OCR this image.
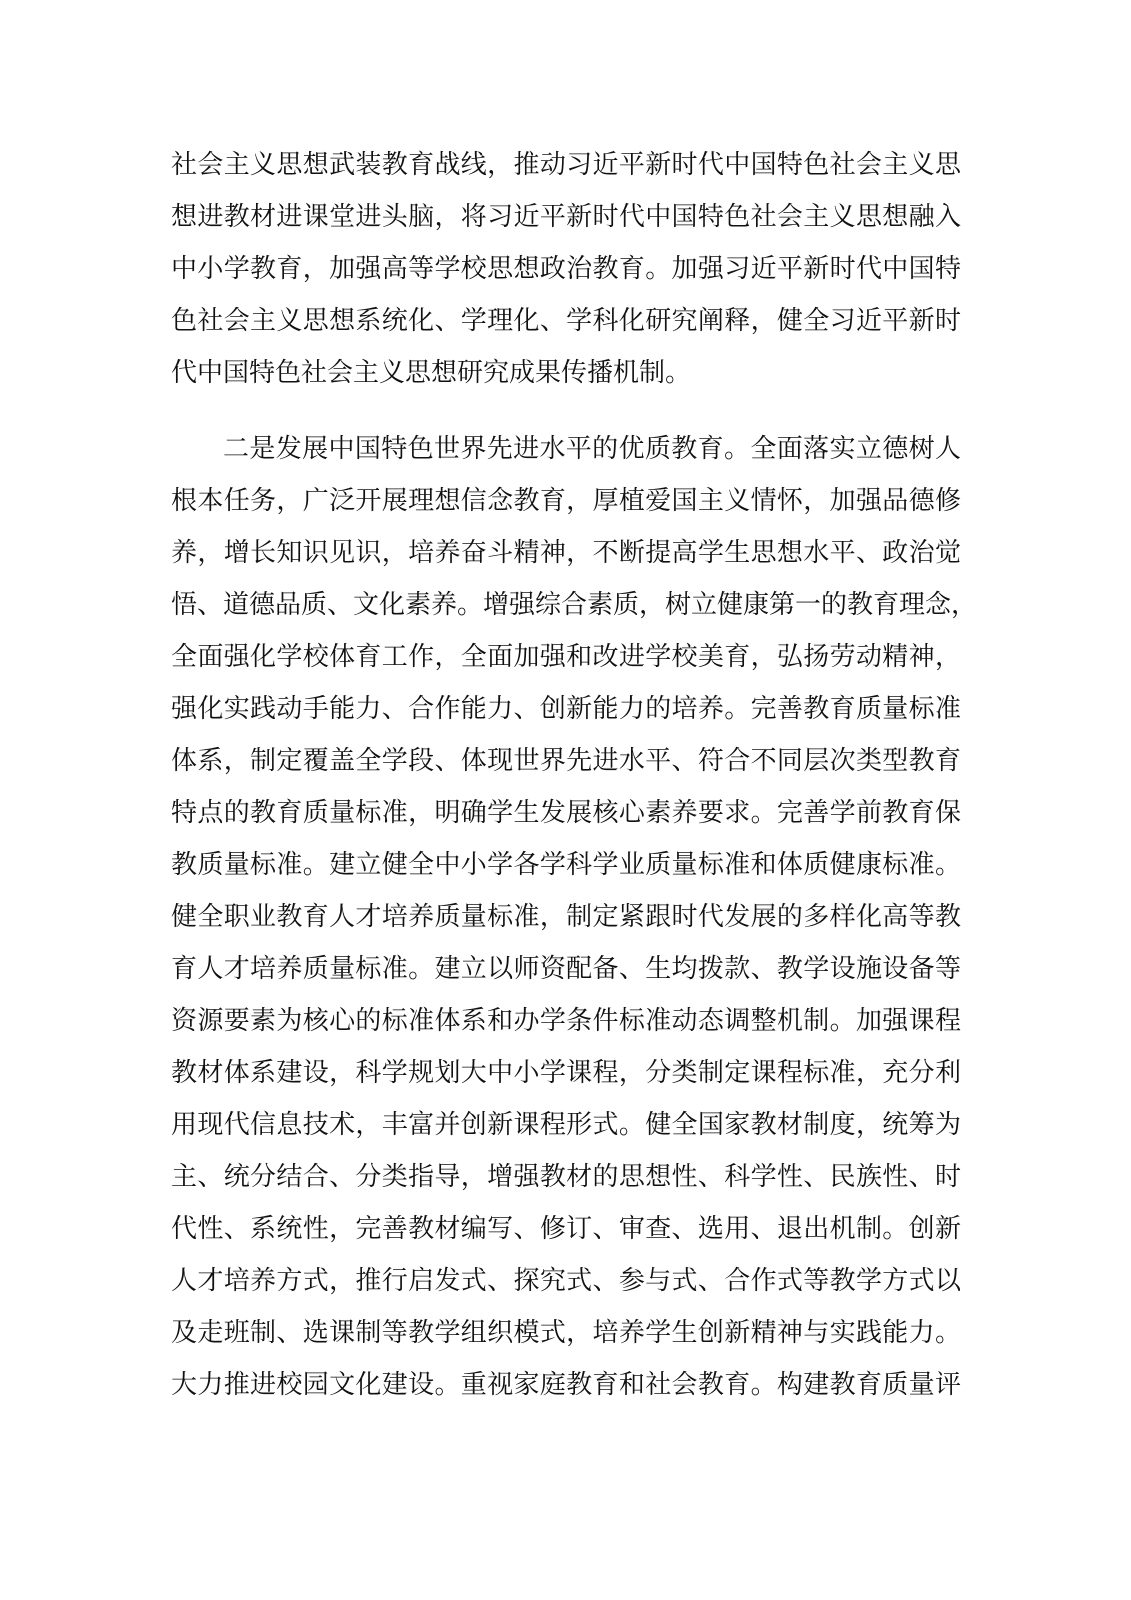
社会主义思想武装教育战线，推动习近平新时代中国特色社会主义思
想进教材进课堂进头脑，将习近平新时代中国特色社会主义思想融入
中小学教育，加强高等学校思想政治教育。加强习近平新时代中国特
色社会主义思想系统化、学理化、学科化研究阐释，健全习近平新时
代中国特色社会主义思想研究成果传播机制。
二是发展中国特色世界先进水平的优质教育。全面落实立德树人
根本任务，广泛开展理想信念教育，厚植爱国主义情怀，加强品德修
养，增长知识见识，培养奋斗精神，不断提高学生思想水平、政治觉
悟、道德品质、文化素养。增强综合素质，树立健康第一的教育理念，
全面强化学校体育工作，全面加强和改进学校美育，弘扬劳动精神，
强化实践动手能力、合作能力、创新能力的培养。完善教育质量标准
体系，制定覆盖全学段、体现世界先进水平、符合不同层次类型教育
特点的教育质量标准，明确学生发展核心素养要求。完善学前教育保
教质量标准。建立健全中小学各学科学业质量标准和体质健康标准。
健全职业教育人才培养质量标准，制定紧跟时代发展的多样化高等教
育人才培养质量标准。建立以师资配备、生均拨款、教学设施设备等
资源要素为核心的标准体系和办学条件标准动态调整机制。加强课程
教材体系建设，科学规划大中小学课程，分类制定课程标准，充分利
用现代信息技术，丰富并创新课程形式。健全国家教材制度，统筹为
主、统分结合、分类指导，增强教材的思想性、科学性、民族性、时
代性、系统性，完善教材编写、修订、审查、选用、退出机制。创新
人才培养方式，推行启发式、探究式、参与式、合作式等教学方式以
及走班制、选课制等教学组织模式，培养学生创新精神与实践能力。
大力推进校园文化建设。重视家庭教育和社会教育。构建教育质量评
